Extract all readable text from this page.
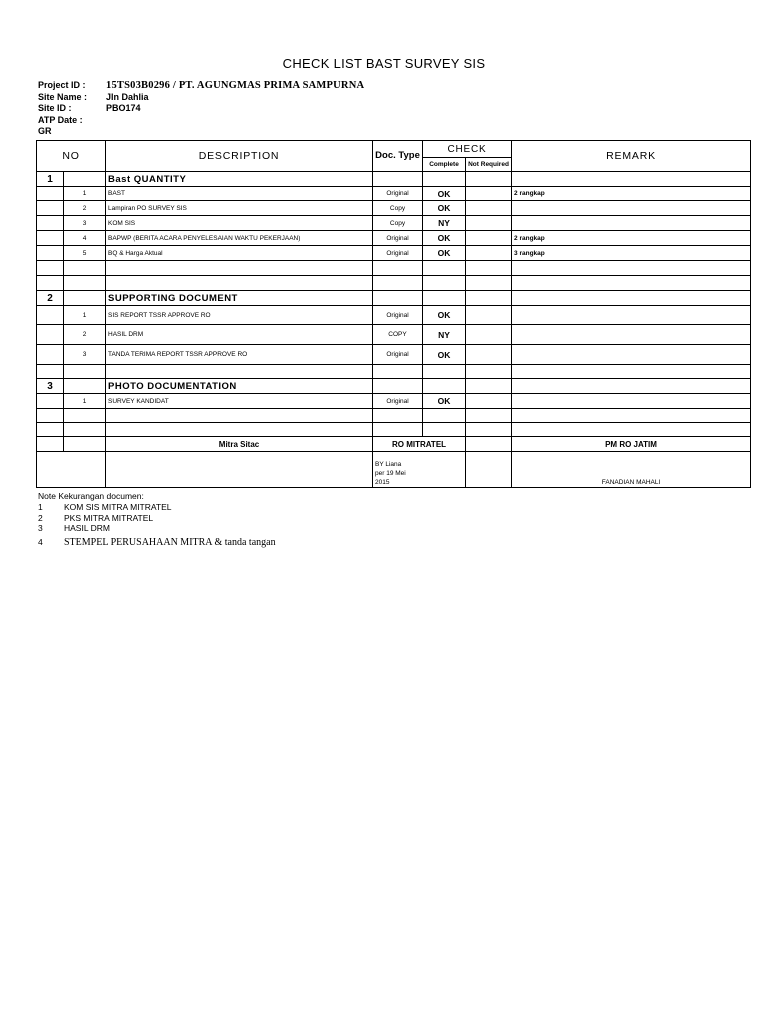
CHECK LIST BAST SURVEY SIS
Project ID : 15TS03B0296 / PT. AGUNGMAS PRIMA SAMPURNA
Site Name : Jln Dahlia
Site ID :	PBO174
ATP Date :
GR
NO		DESCRIPTION	Doc. Type	CHECK		REMARK
				Complete	Not Required	
1		Bast QUANTITY				
	1	BAST	Original	OK		2 rangkap
	2	Lampiran PO SURVEY SIS	Copy	OK		
	3	KOM SIS	Copy	NY		
	4	BAPWP (BERITA ACARA PENYELESAIAN WAKTU PEKERJAAN)	Original	OK		2 rangkap
	5	BQ & Harga Aktual	Original	OK		3 rangkap

2		SUPPORTING DOCUMENT				
	1	SIS REPORT TSSR APPROVE RO	Original	OK		
	2	HASIL DRM	COPY	NY		
	3	TANDA TERIMA REPORT TSSR APPROVE RO	Original	OK		

3		PHOTO DOCUMENTATION				
	1	SURVEY KANDIDAT	Original	OK		

		Mitra Sitac	RO MITRATEL			PM RO JATIM

			BY Liana
per 19 Mei
2015			FANADIAN MAHALI
Note Kekurangan documen:
1	KOM SIS MITRA MITRATEL
2	PKS MITRA MITRATEL
3	HASIL DRM
4 STEMPEL PERUSAHAAN MITRA & tanda tangan
